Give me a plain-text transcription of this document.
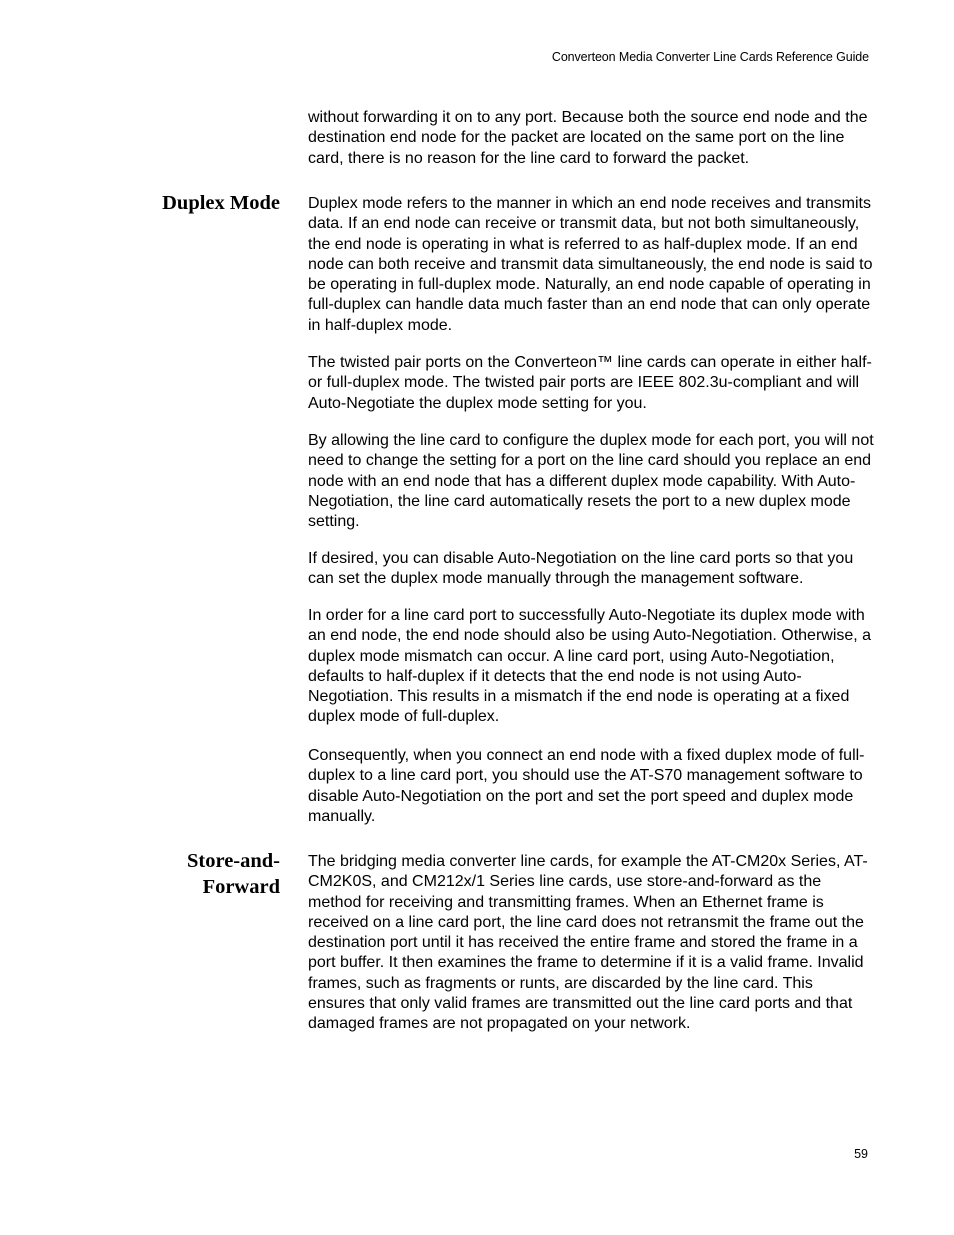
Converteon Media Converter Line Cards Reference Guide

without forwarding it on to any port. Because both the source end node and the destination end node for the packet are located on the same port on the line card, there is no reason for the line card to forward the packet.

Duplex Mode Duplex mode refers to the manner in which an end node receives and transmits data. If an end node can receive or transmit data, but not both simultaneously, the end node is operating in what is referred to as half-duplex mode. If an end node can both receive and transmit data simultaneously, the end node is said to be operating in full-duplex mode. Naturally, an end node capable of operating in full-duplex can handle data much faster than an end node that can only operate in half-duplex mode.

The twisted pair ports on the Converteon™ line cards can operate in either half- or full-duplex mode. The twisted pair ports are IEEE 802.3u-compliant and will Auto-Negotiate the duplex mode setting for you.

By allowing the line card to configure the duplex mode for each port, you will not need to change the setting for a port on the line card should you replace an end node with an end node that has a different duplex mode capability. With Auto-Negotiation, the line card automatically resets the port to a new duplex mode setting.

If desired, you can disable Auto-Negotiation on the line card ports so that you can set the duplex mode manually through the management software.

In order for a line card port to successfully Auto-Negotiate its duplex mode with an end node, the end node should also be using Auto-Negotiation. Otherwise, a duplex mode mismatch can occur. A line card port, using Auto-Negotiation, defaults to half-duplex if it detects that the end node is not using Auto-Negotiation. This results in a mismatch if the end node is operating at a fixed duplex mode of full-duplex.

Consequently, when you connect an end node with a fixed duplex mode of full-duplex to a line card port, you should use the AT-S70 management software to disable Auto-Negotiation on the port and set the port speed and duplex mode manually.

Store-and-
Forward

The bridging media converter line cards, for example the AT-CM20x Series, AT-CM2K0S, and CM212x/1 Series line cards, use store-and-forward as the method for receiving and transmitting frames. When an Ethernet frame is received on a line card port, the line card does not retransmit the frame out the destination port until it has received the entire frame and stored the frame in a port buffer. It then examines the frame to determine if it is a valid frame. Invalid frames, such as fragments or runts, are discarded by the line card. This ensures that only valid frames are transmitted out the line card ports and that damaged frames are not propagated on your network.

59
